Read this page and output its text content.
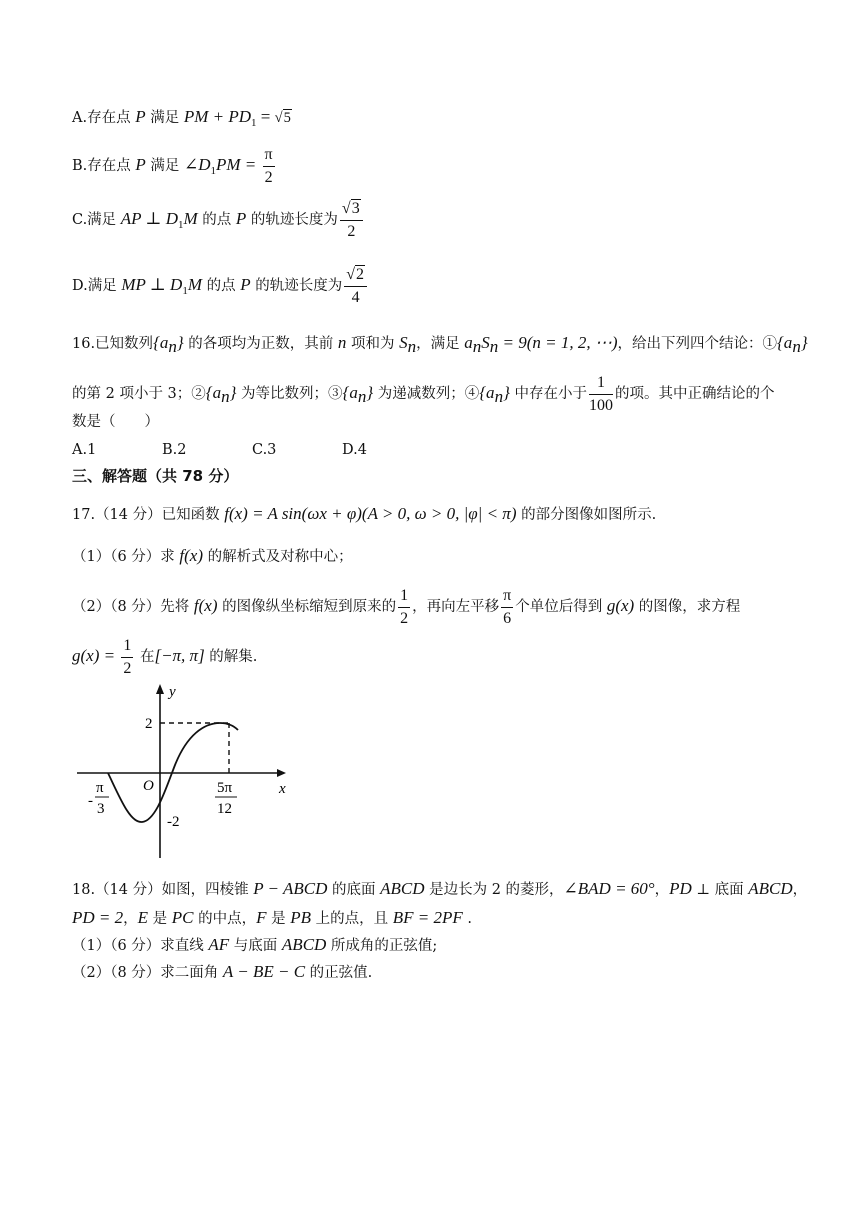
A.存在点 P 满足 PM + $PD_1 = √5$
B.存在点 P 满足 $\angle D_1PM = \frac{\pi}{2}$
C.满足 AP ⊥ $D_1M$ 的点 P 的轨迹长度为 $\frac{√3}{2}$
D.满足 MP ⊥ $D_1M$ 的点 P 的轨迹长度为 $\frac{√2}{4}$
16.已知数列$\{a_n\}$ 的各项均为正数，其前 n 项和为 $S_n$，满足 $a_nS_n = 9(n = 1$, 2, ⋯)，给出下列四个结论：$①\{a_n\}$
的第 2 项小于 3；$②\{a_n\}$ 为等比数列；$③\{a_n\}$ 为递减数列；$④\{a_n\}$ 中存在小于 $\frac{1}{100}$ 的项。其中正确结论的个
数是（　　）
A.1	B.2	C.3	D.4
三、解答题（共 78 分）
17.（14 分）已知函数 f(x) = A sin(ωx + φ)(A > 0, ω > 0, |φ| < π) 的部分图像如图所示.
（1）（6 分）求 f(x) 的解析式及对称中心；
（2）（8 分）先将 f(x) 的图像纵坐标缩短到原来的 $\frac{1}{2}$ ，再向左平移 $\frac{\pi}{6}$ 个单位后得到 g(x) 的图像，求方程
$g(x) = \frac{1}{2}$ 在[−π, π] 的解集.
y
x
O
2
-2
-
π
3
5π
12
18.（14 分）如图，四棱锥 P − ABCD 的底面 ABCD 是边长为 2 的菱形，∠BAD = 60°，PD ⊥ 底面 ABCD，
PD = 2，E 是 PC 的中点，F 是 PB 上的点，且 BF = 2PF .
（1）（6 分）求直线 AF 与底面 ABCD 所成角的正弦值;
（2）（8 分）求二面角 A − BE − C 的正弦值.
